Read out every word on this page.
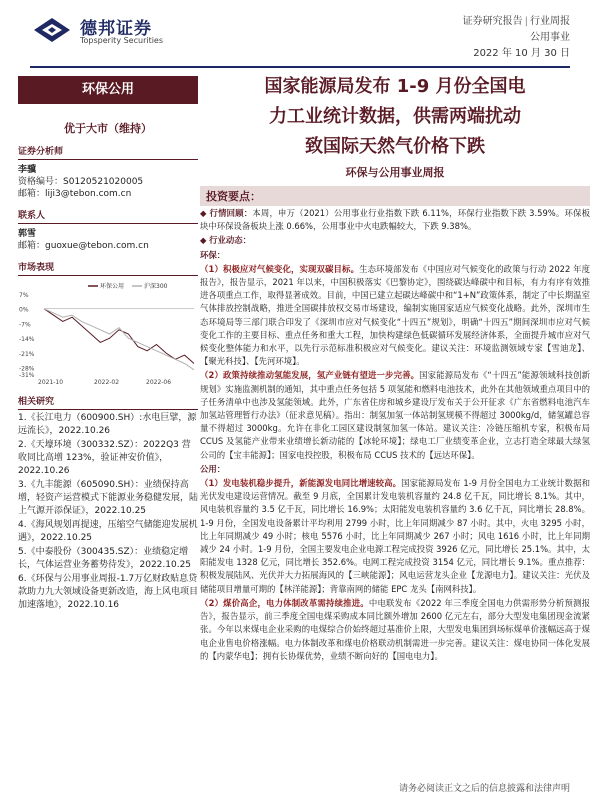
德邦证券
Topsperity Securities
证券研究报告 | 行业周报
公用事业
2022 年 10 月 30 日
环保公用
优于大市（维持）
证券分析师
李骥
资格编号：S0120521020005
邮箱：liji3@tebon.com.cn
联系人
郭雪
邮箱：guoxue@tebon.com.cn
市场表现
7%
0%
-7%
-14%
-21%
-28%
-31%
2021-10	2022-02	2022-06
环保公用	沪深300
相关研究
1.《长江电力（600900.SH）:水电巨擘，源远流长》，2022.10.26
2.《天壕环境（300332.SZ）：2022Q3 营收同比高增 123%，验证神安价值》，2022.10.26
3.《九丰能源（605090.SH）：业绩保持高增，轻资产运营模式下能源业务稳健发展，陆上气源开添保证》，2022.10.25
4.《海风规划再提速，压缩空气储能迎发展机遇》，2022.10.25
5.《中泰股份（300435.SZ）：业绩稳定增长，气体运营业务蓄势待发》，2022.10.25
6.《环保与公用事业周报-1.7万亿财政贴息贷款助力九大领域设备更新改造，海上风电项目加速落地》，2022.10.16
国家能源局发布 1-9 月份全国电
力工业统计数据，供需两端扰动
致国际天然气价格下跌
环保与公用事业周报
投资要点：

◆ 行情回顾：本周，申万（2021）公用事业行业指数下跌 6.11%，环保行业指数下跌 3.59%。环保板块中环保设备板块上涨 0.66%，公用事业中火电跌幅较大，下跌 9.38%。

◆ 行业动态：

环保：

（1）积极应对气候变化，实现双碳目标。生态环境部发布《中国应对气候变化的政策与行动 2022 年度报告》，报告显示，2021 年以来，中国积极落实《巴黎协定》，围绕碳达峰碳中和目标，有力有序有效推进各项重点工作，取得显著成效。目前，中国已建立起碳达峰碳中和“1+N”政策体系，制定了中长期温室气体排放控制战略，推进全国碳排放权交易市场建设，编制实施国家适应气候变化战略。此外，深圳市生态环境局等三部门联合印发了《深圳市应对气候变化“十四五”规划》，明确“十四五”期间深圳市应对气候变化工作的主要目标、重点任务和重大工程，加快构建绿色低碳循环发展经济体系，全面提升城市应对气候变化整体能力和水平，以先行示范标准积极应对气候变化。建议关注：环境监测领域专家【雪迪龙】、【聚光科技】、【先河环境】。

（2）政策持续推动氢能发展，氢产业链有望进一步完善。国家能源局发布《“十四五”能源领域科技创新规划》实施监测机制的通知，其中重点任务包括 5 项氢能和燃料电池技术，此外在其他领域重点项目中的子任务清单中也涉及氢能领域。此外，广东省住房和城乡建设厅发布关于公开征求《广东省燃料电池汽车加氢站管理暂行办法》（征求意见稿）。指出：制氢加氢一体站制氢规模不得超过 3000kg/d，储氢罐总容量不得超过 3000kg。允许在非化工园区建设制氢加氢一体站。建议关注：冷链压缩机专家，积极布局 CCUS 及氢能产业带来业绩增长新动能的【冰轮环境】；绿电工厂业绩变革企业，立志打造全球最大绿氢公司的【宝丰能源】；国家电投控股，积极布局 CCUS 技术的【远达环保】。

公用：

（1）发电装机稳步提升，新能源发电同比增速较高。国家能源局发布 1-9 月份全国电力工业统计数据和光伏发电建设运营情况。截至 9 月底，全国累计发电装机容量约 24.8 亿千瓦，同比增长 8.1%。其中，风电装机容量约 3.5 亿千瓦，同比增长 16.9%；太阳能发电装机容量约 3.6 亿千瓦，同比增长 28.8%。1-9 月份，全国发电设备累计平均利用 2799 小时，比上年同期减少 87 小时。其中，火电 3295 小时，比上年同期减少 49 小时；核电 5576 小时，比上年同期减少 267 小时；风电 1616 小时，比上年同期减少 24 小时。1-9 月份，全国主要发电企业电源工程完成投资 3926 亿元，同比增长 25.1%。其中，太阳能发电 1328 亿元，同比增长 352.6%。电网工程完成投资 3154 亿元，同比增长 9.1%。重点推荐：积极发展陆风、光伏并大力拓展海风的【三峡能源】；风电运营龙头企业【龙源电力】。建议关注：光伏及储能项目增量可期的【林洋能源】；背靠南网的储能 EPC 龙头【南网科技】。

（2）煤价高企，电力体制改革需持续推进。中电联发布《2022 年三季度全国电力供需形势分析预测报告》，报告显示，前三季度全国电煤采购成本同比额外增加 2600 亿元左右，部分大型发电集团现金流紧张。今年以来煤电企业采购的电煤综合价始终超过基准价上限，大型发电集团到场标煤单价涨幅远高于煤电企业售电价格涨幅。电力体制改革和煤电价格联动机制需进一步完善。建议关注：煤电协同一体化发展的【内蒙华电】；拥有长协煤优势，业绩不断向好的【国电电力】。

请务必阅读正文之后的信息披露和法律声明
